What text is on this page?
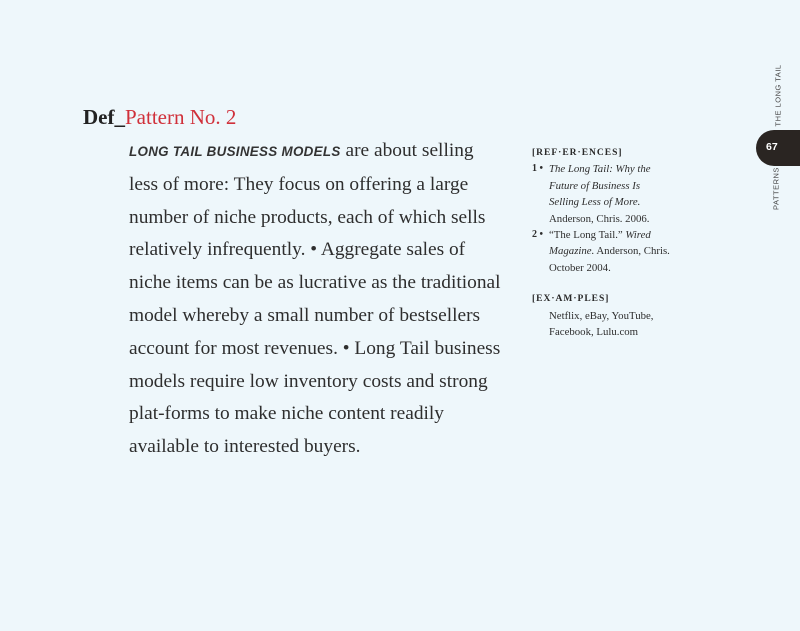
Def_Pattern No. 2
LONG TAIL BUSINESS MODELS are about selling less of more: They focus on offering a large number of niche products, each of which sells relatively infrequently. • Aggregate sales of niche items can be as lucrative as the traditional model whereby a small number of bestsellers account for most revenues. • Long Tail business models require low inventory costs and strong plat-forms to make niche content readily available to interested buyers.
[REF·ER·ENCES]
1 • The Long Tail: Why the Future of Business Is Selling Less of More. Anderson, Chris. 2006.
2 • “The Long Tail.” Wired Magazine. Anderson, Chris. October 2004.
[EX·AM·PLES]
Netflix, eBay, YouTube, Facebook, Lulu.com
THE LONG TAIL
67
PATTERNS
